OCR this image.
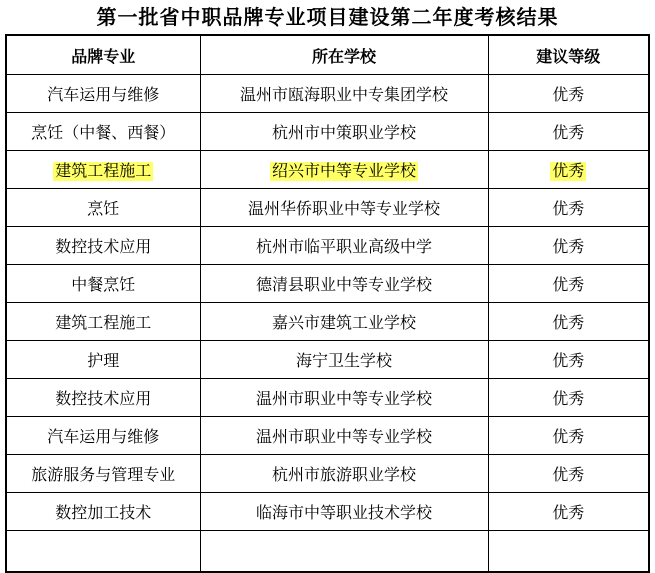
第一批省中职品牌专业项目建设第二年度考核结果
品牌专业	所在学校	建议等级
汽车运用与维修	温州市瓯海职业中专集团学校	优秀
烹饪（中餐、西餐）	杭州市中策职业学校	优秀
建筑工程施工	绍兴市中等专业学校	优秀
烹饪	温州华侨职业中等专业学校	优秀
数控技术应用	杭州市临平职业高级中学	优秀
中餐烹饪	德清县职业中等专业学校	优秀
建筑工程施工	嘉兴市建筑工业学校	优秀
护理	海宁卫生学校	优秀
数控技术应用	温州市职业中等专业学校	优秀
汽车运用与维修	温州市职业中等专业学校	优秀
旅游服务与管理专业	杭州市旅游职业学校	优秀
数控加工技术	临海市中等职业技术学校	优秀
